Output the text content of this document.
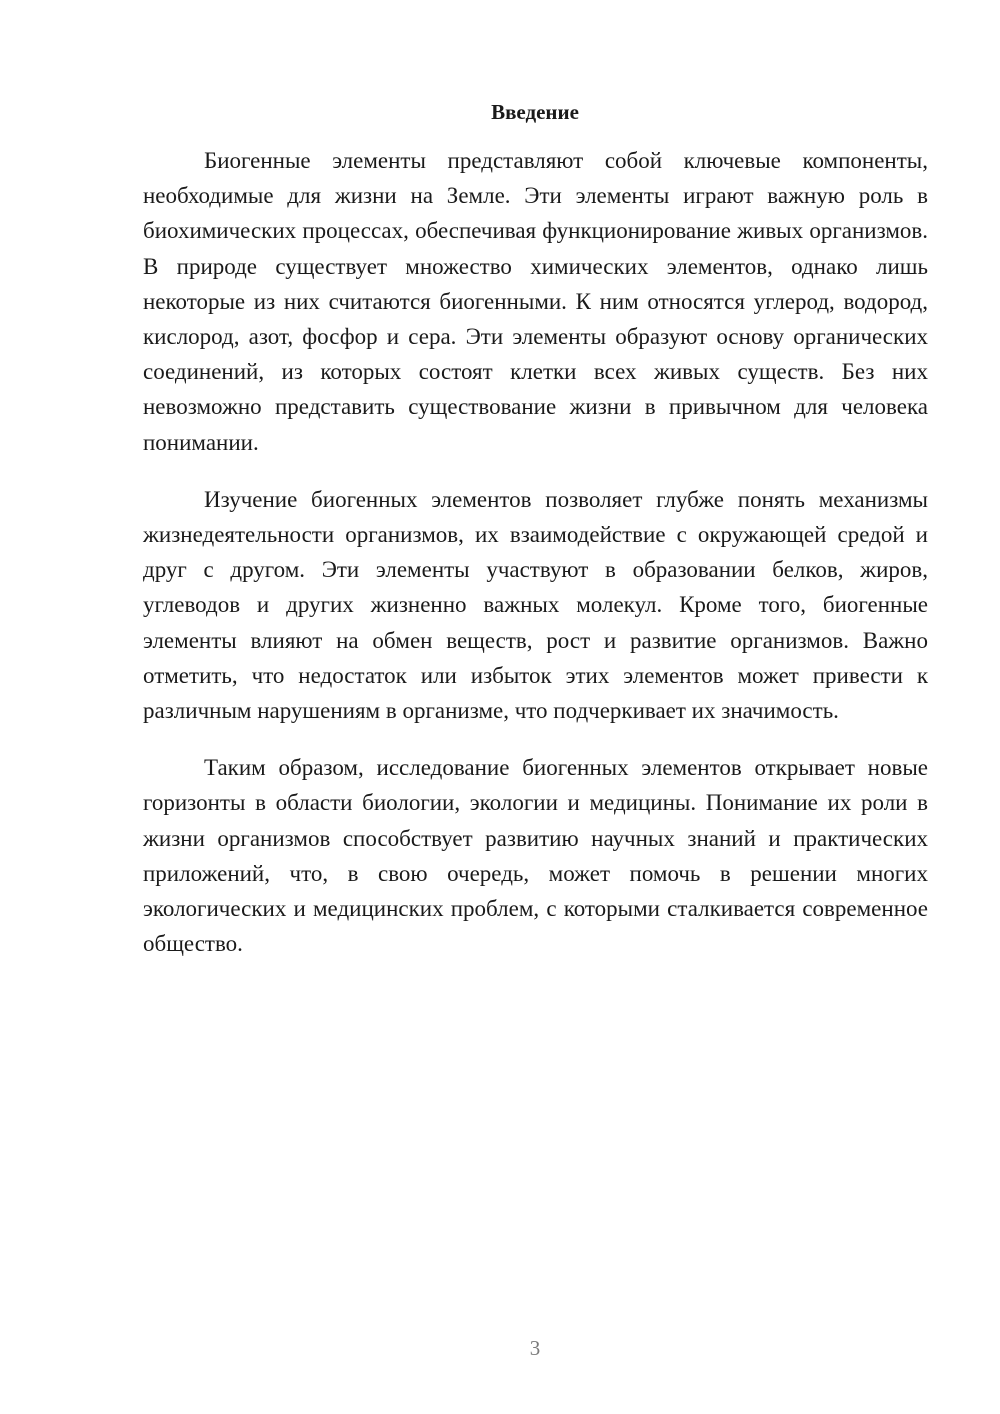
Введение

Биогенные элементы представляют собой ключевые компоненты, необходимые для жизни на Земле. Эти элементы играют важную роль в биохимических процессах, обеспечивая функционирование живых организмов. В природе существует множество химических элементов, однако лишь некоторые из них считаются биогенными. К ним относятся углерод, водород, кислород, азот, фосфор и сера. Эти элементы образуют основу органических соединений, из которых состоят клетки всех живых существ. Без них невозможно представить существование жизни в привычном для человека понимании.

Изучение биогенных элементов позволяет глубже понять механизмы жизнедеятельности организмов, их взаимодействие с окружающей средой и друг с другом. Эти элементы участвуют в образовании белков, жиров, углеводов и других жизненно важных молекул. Кроме того, биогенные элементы влияют на обмен веществ, рост и развитие организмов. Важно отметить, что недостаток или избыток этих элементов может привести к различным нарушениям в организме, что подчеркивает их значимость.

Таким образом, исследование биогенных элементов открывает новые горизонты в области биологии, экологии и медицины. Понимание их роли в жизни организмов способствует развитию научных знаний и практических приложений, что, в свою очередь, может помочь в решении многих экологических и медицинских проблем, с которыми сталкивается современное общество.

3
